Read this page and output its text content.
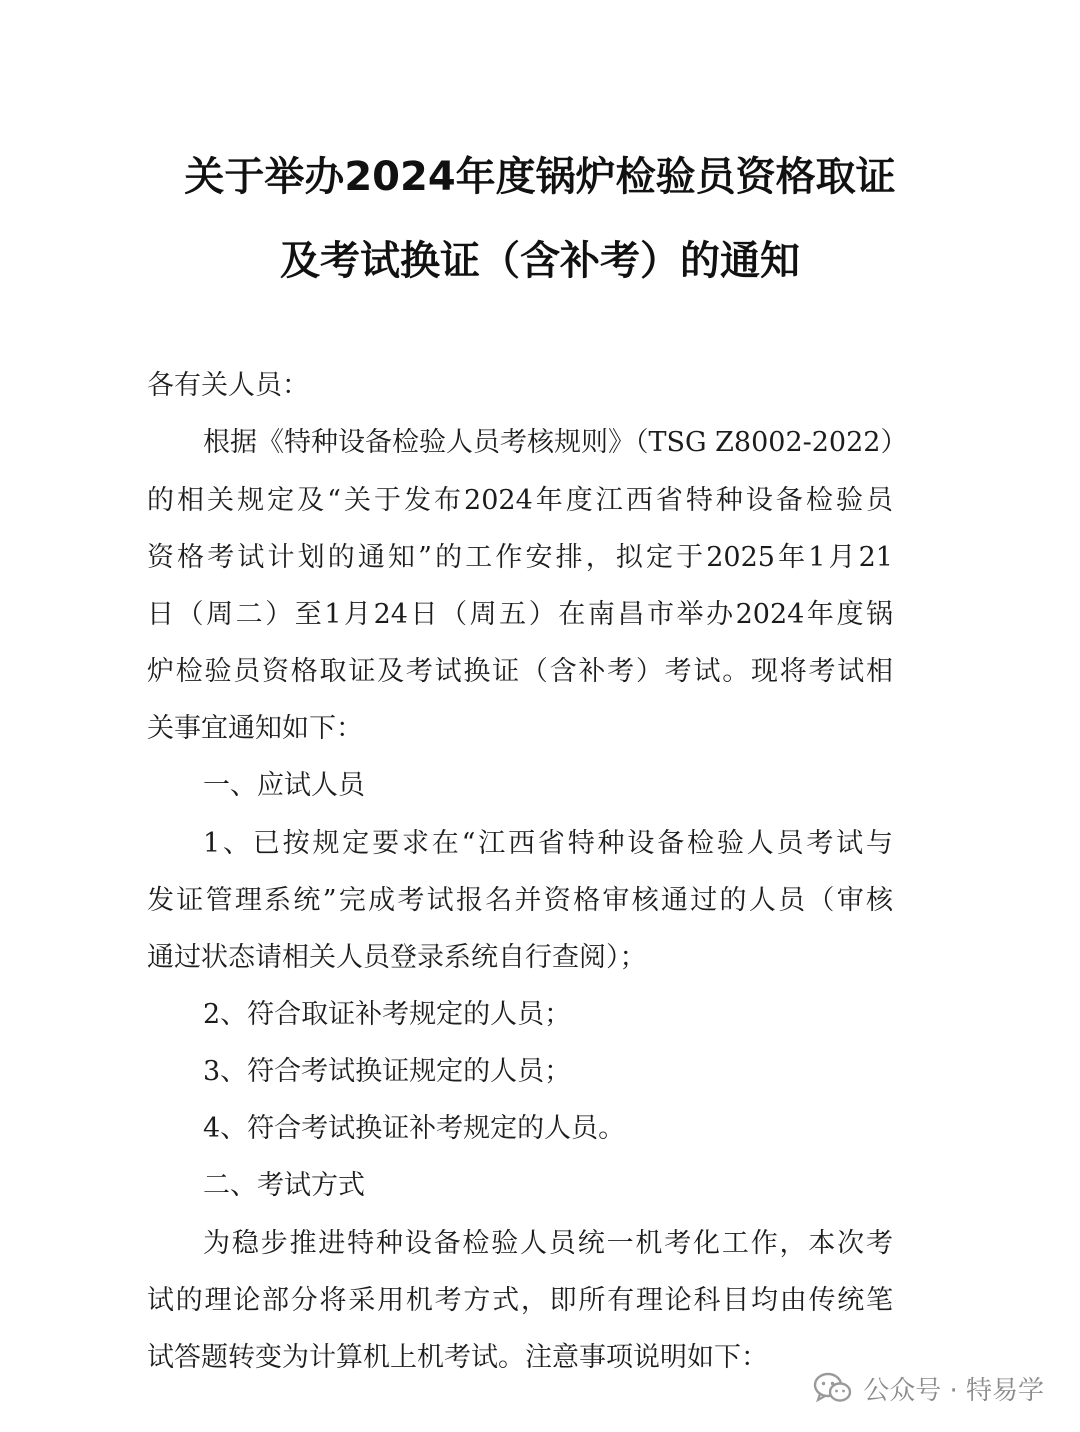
关于举办2024年度锅炉检验员资格取证
及考试换证（含补考）的通知
各有关人员：
根据《特种设备检验人员考核规则》（TSG Z8002-2022）
的相关规定及“关于发布2024年度江西省特种设备检验员
资格考试计划的通知”的工作安排，拟定于2025年1月21
日（周二）至1月24日（周五）在南昌市举办2024年度锅
炉检验员资格取证及考试换证（含补考）考试。现将考试相
关事宜通知如下：
一、应试人员
1、已按规定要求在“江西省特种设备检验人员考试与
发证管理系统”完成考试报名并资格审核通过的人员（审核
通过状态请相关人员登录系统自行查阅）；
2、符合取证补考规定的人员；
3、符合考试换证规定的人员；
4、符合考试换证补考规定的人员。
二、考试方式
为稳步推进特种设备检验人员统一机考化工作，本次考
试的理论部分将采用机考方式，即所有理论科目均由传统笔
试答题转变为计算机上机考试。注意事项说明如下：
公众号 · 特易学
